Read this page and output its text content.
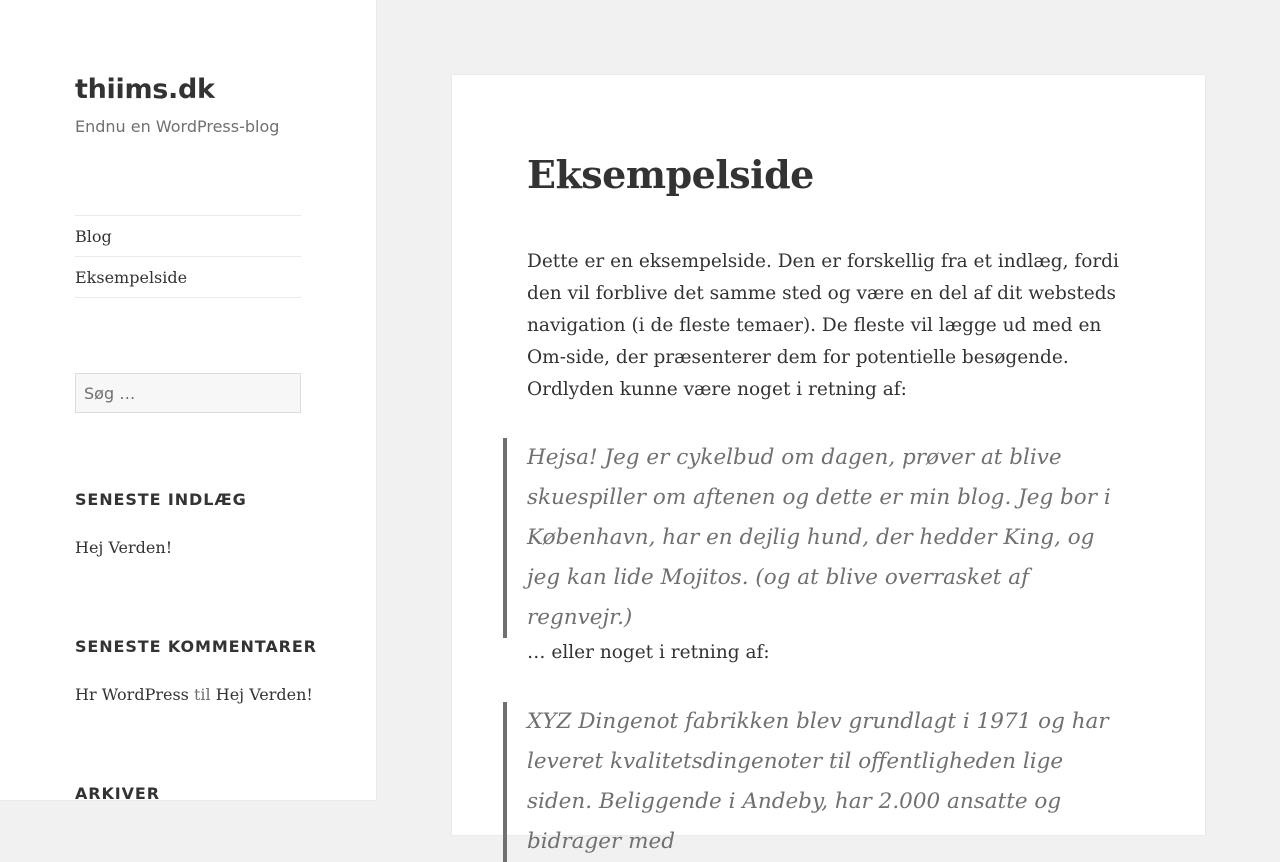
thiims.dk

Endnu en WordPress-blog

Blog
Eksempelside
Søg …
SENESTE INDLÆG

Hej Verden!

SENESTE KOMMENTARER

Hr WordPress til Hej Verden!

ARKIVER
Eksempelside

Dette er en eksempelside. Den er forskellig fra et indlæg, fordi den vil forblive det samme sted og være en del af dit websteds navigation (i de fleste temaer). De fleste vil lægge ud med en Om-side, der præsenterer dem for potentielle besøgende. Ordlyden kunne være noget i retning af:

Hejsa! Jeg er cykelbud om dagen, prøver at blive skuespiller om aftenen og dette er min blog. Jeg bor i København, har en dejlig hund, der hedder King, og jeg kan lide Mojitos. (og at blive overrasket af regnvejr.)

… eller noget i retning af:

XYZ Dingenot fabrikken blev grundlagt i 1971 og har leveret kvalitetsdingenoter til offentligheden lige siden. Beliggende i Andeby, har 2.000 ansatte og bidrager med
